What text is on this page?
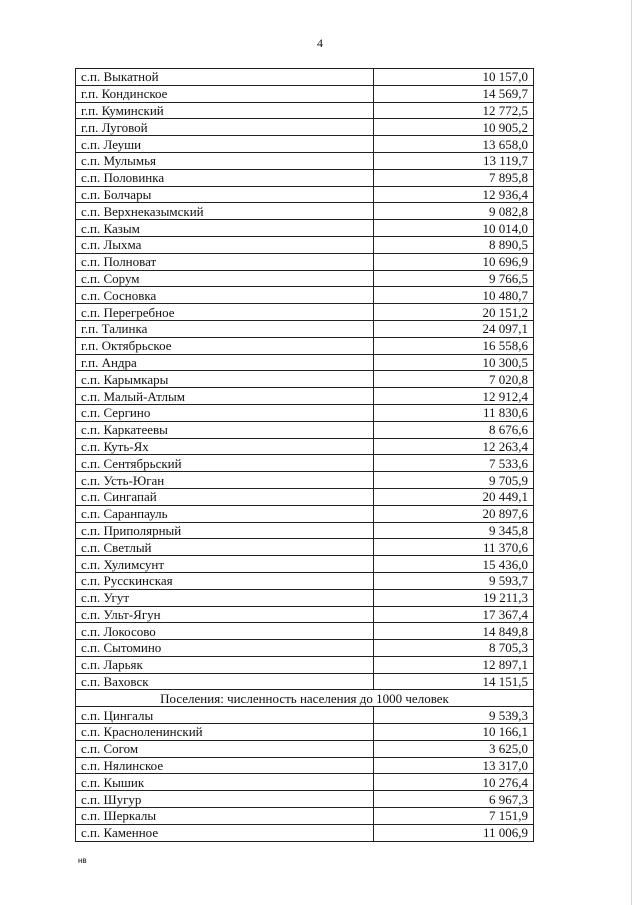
4
с.п. Выкатной	10 157,0
г.п. Кондинское	14 569,7
г.п. Куминский	12 772,5
г.п. Луговой	10 905,2
с.п. Леуши	13 658,0
с.п. Мулымья	13 119,7
с.п. Половинка	7 895,8
с.п. Болчары	12 936,4
с.п. Верхнеказымский	9 082,8
с.п. Казым	10 014,0
с.п. Лыхма	8 890,5
с.п. Полноват	10 696,9
с.п. Сорум	9 766,5
с.п. Сосновка	10 480,7
с.п. Перегребное	20 151,2
г.п. Талинка	24 097,1
г.п. Октябрьское	16 558,6
г.п. Андра	10 300,5
с.п. Карымкары	7 020,8
с.п. Малый-Атлым	12 912,4
с.п. Сергино	11 830,6
с.п. Каркатеевы	8 676,6
с.п. Куть-Ях	12 263,4
с.п. Сентябрьский	7 533,6
с.п. Усть-Юган	9 705,9
с.п. Сингапай	20 449,1
с.п. Саранпауль	20 897,6
с.п. Приполярный	9 345,8
с.п. Светлый	11 370,6
с.п. Хулимсунт	15 436,0
с.п. Русскинская	9 593,7
с.п. Угут	19 211,3
с.п. Ульт-Ягун	17 367,4
с.п. Локосово	14 849,8
с.п. Сытомино	8 705,3
с.п. Ларьяк	12 897,1
с.п. Ваховск	14 151,5
Поселения: численность населения до 1000 человек	
с.п. Цингалы	9 539,3
с.п. Красноленинский	10 166,1
с.п. Согом	3 625,0
с.п. Нялинское	13 317,0
с.п. Кышик	10 276,4
с.п. Шугур	6 967,3
с.п. Шеркалы	7 151,9
с.п. Каменное	11 006,9
нв
